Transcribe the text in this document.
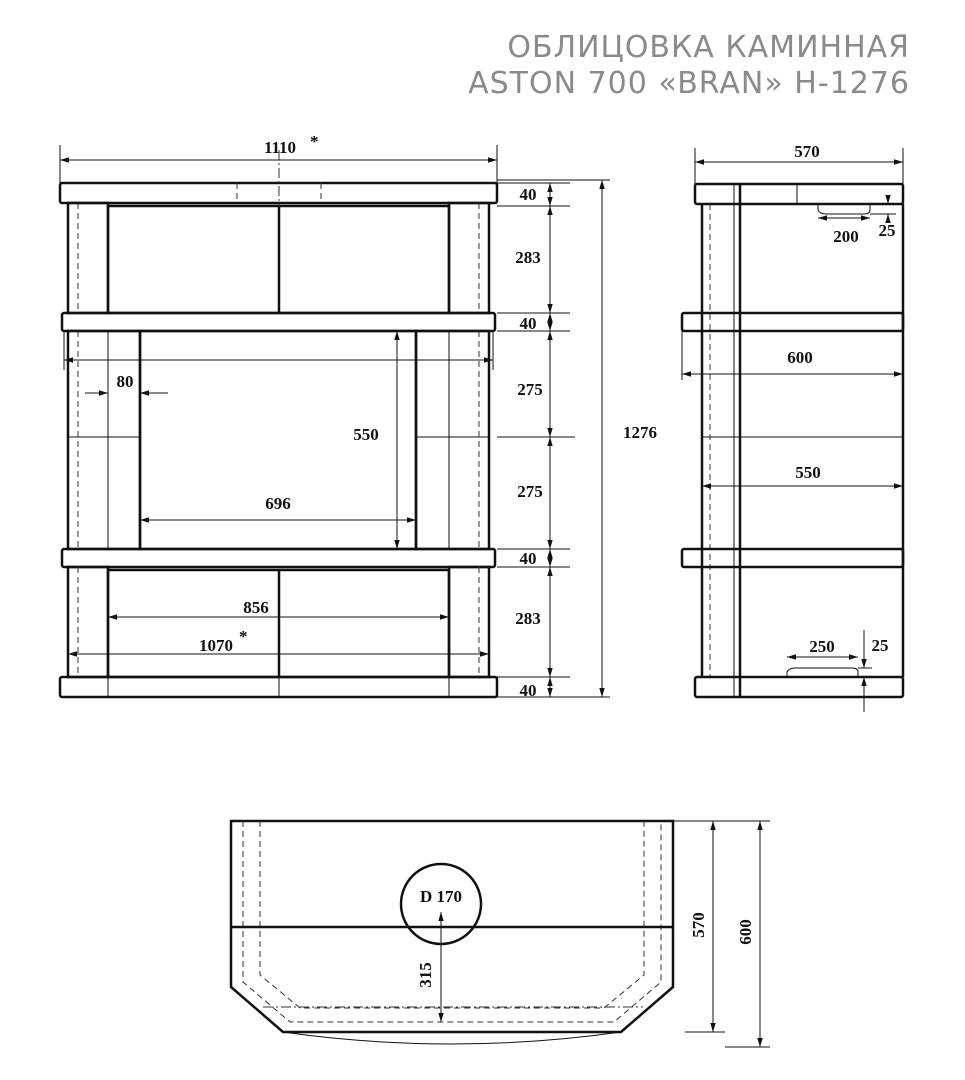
ОБЛИЦОВКА КАМИННАЯ
ASTON 700 «BRAN» H-1276
1110 *
40
283
40
275
275
40
283
40
1276
80
550
696
856
1070 *
570
200 25
600
550
250 25
D 170
315
570 600
